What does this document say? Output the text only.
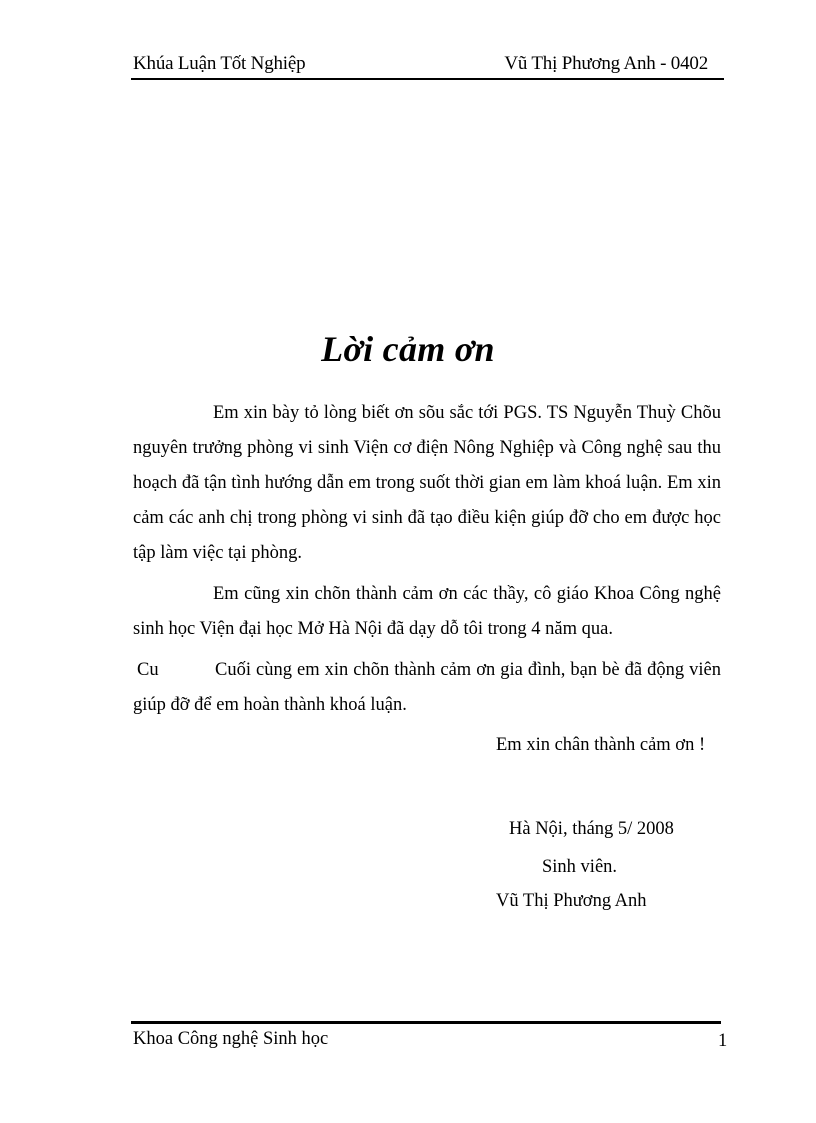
Khúa Luận Tốt Nghiệp	Vũ Thị Phương Anh - 0402
Lời cảm ơn

Em xin bày tỏ lòng biết ơn sõu sắc tới PGS. TS Nguyễn Thuỳ Chõu nguyên trưởng phòng vi sinh Viện cơ điện Nông Nghiệp và Công nghệ sau thu hoạch đã tận tình hướng dẫn em trong suốt thời gian em làm khoá luận. Em xin cảm các anh chị trong phòng vi sinh đã tạo điều kiện giúp đỡ cho em được học tập làm việc tại phòng.

Em cũng xin chõn thành cảm ơn các thầy, cô giáo Khoa Công nghệ sinh học Viện đại học Mở Hà Nội đã dạy dỗ tôi trong 4 năm qua.

Cu	Cuối cùng em xin chõn thành cảm ơn gia đình, bạn bè đã động viên giúp đỡ để em hoàn thành khoá luận.

Em xin chân thành cảm ơn !
Hà Nội, tháng 5/ 2008
Sinh viên.
Vũ Thị Phương Anh
Khoa Công nghệ Sinh học	1
